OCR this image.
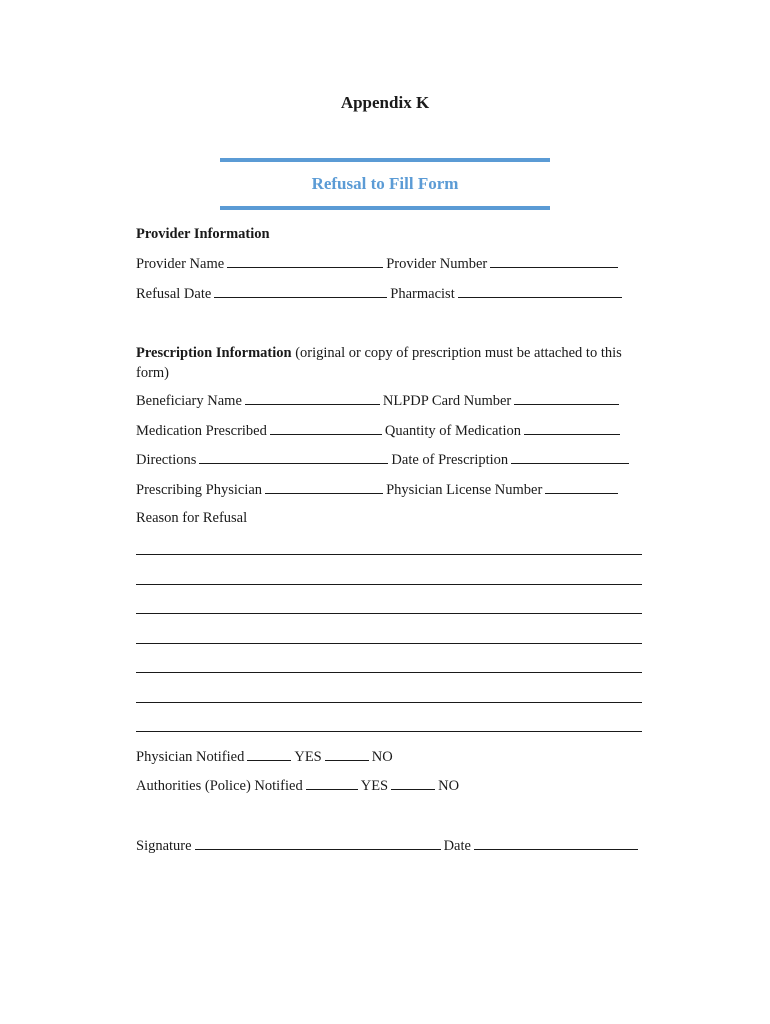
Appendix K
Refusal to Fill Form
Provider Information
Provider Name	Provider Number
Refusal Date	Pharmacist
Prescription Information (original or copy of prescription must be attached to this form)
Beneficiary Name	NLPDP Card Number
Medication Prescribed	Quantity of Medication
Directions	Date of Prescription
Prescribing Physician	Physician License Number
Reason for Refusal
Physician Notified	YES	NO
Authorities (Police) Notified	YES	NO
Signature	Date
